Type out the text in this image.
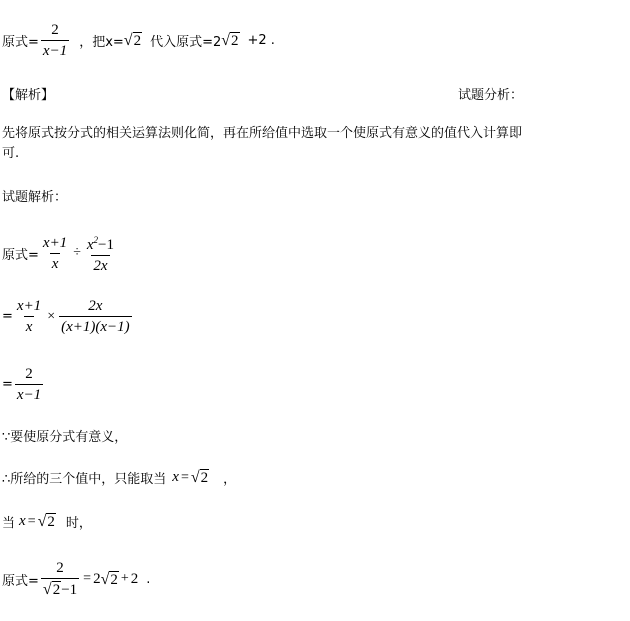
原式= $\frac{2}{x-1}$ ，把x= √ 2 代入原式=2 √ 2 +2 .
【解析】	试题分析：
先将原式按分式的相关运算法则化简，再在所给值中选取一个使原式有意义的值代入计算即
可.
试题解析：
原式= $\frac{x+1}{x} \div \frac{x^2-1}{2x}$
= $\frac{x+1}{x} \times \frac{2x}{(x+1)(x-1)}$
= $\frac{2}{x-1}$
∵要使原分式有意义，
∴所给的三个值中，只能取当 x = √ 2 ，
当 x = √ 2 时，
原式= $\frac{2}{√ 2 -1} = 2$ √ 2 + 2 .
